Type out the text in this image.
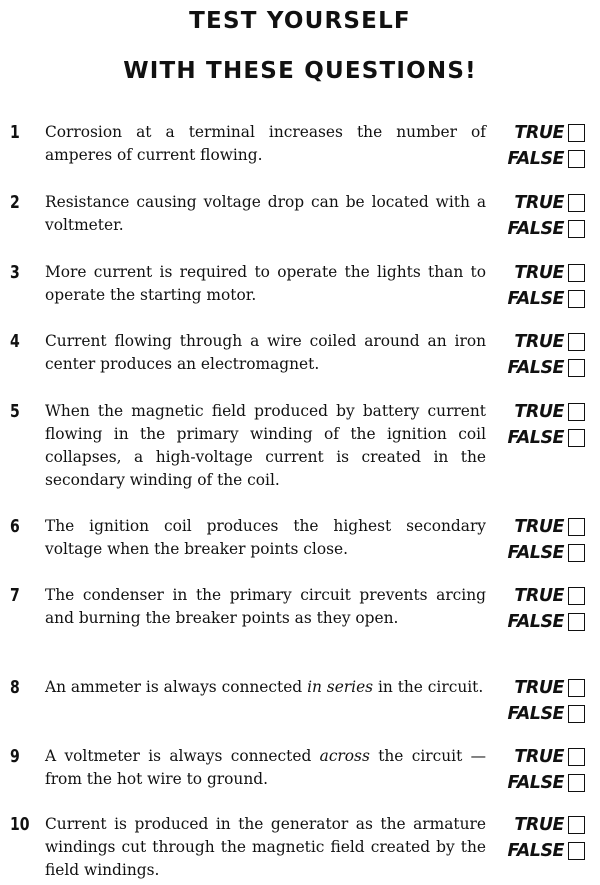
TEST YOURSELF
WITH THESE QUESTIONS!
1	Corrosion at a terminal increases the number of amperes of current flowing.
TRUE
FALSE
2	Resistance causing voltage drop can be located with a voltmeter.
TRUE
FALSE
3	More current is required to operate the lights than to operate the starting motor.
TRUE
FALSE
4	Current flowing through a wire coiled around an iron center produces an electromagnet.
TRUE
FALSE
5	When the magnetic field produced by battery current flowing in the primary winding of the ignition coil collapses, a high-voltage current is created in the secondary winding of the coil.
TRUE
FALSE
6	The ignition coil produces the highest secondary voltage when the breaker points close.
TRUE
FALSE
7	The condenser in the primary circuit prevents arcing and burning the breaker points as they open.
TRUE
FALSE
8	An ammeter is always connected in series in the circuit.	TRUE
FALSE
9	A voltmeter is always connected across the circuit —from the hot wire to ground.
TRUE
FALSE
10 Current is produced in the generator as the armature windings cut through the magnetic field created by the field windings.
TRUE
FALSE
